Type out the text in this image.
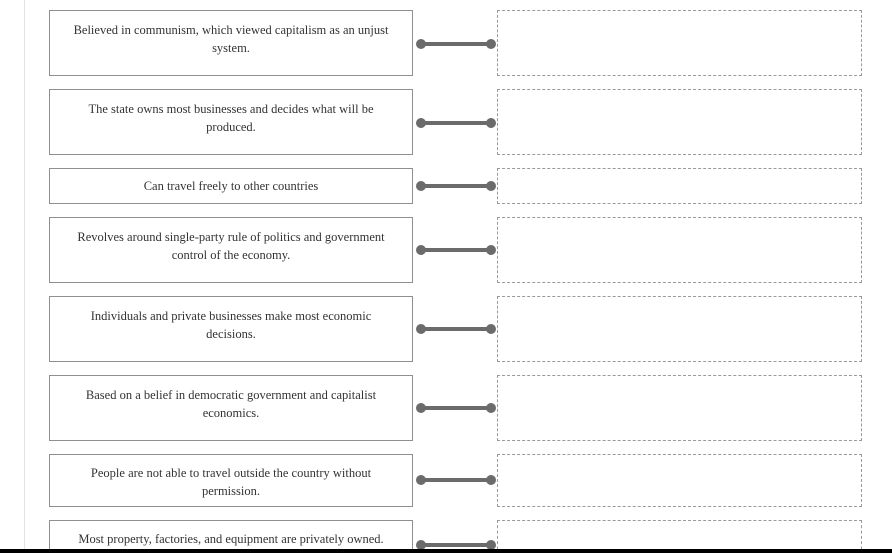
Believed in communism, which viewed capitalism as an unjust system.
The state owns most businesses and decides what will be produced.
Can travel freely to other countries
Revolves around single-party rule of politics and government control of the economy.
Individuals and private businesses make most economic decisions.
Based on a belief in democratic government and capitalist economics.
People are not able to travel outside the country without permission.
Most property, factories, and equipment are privately owned.
